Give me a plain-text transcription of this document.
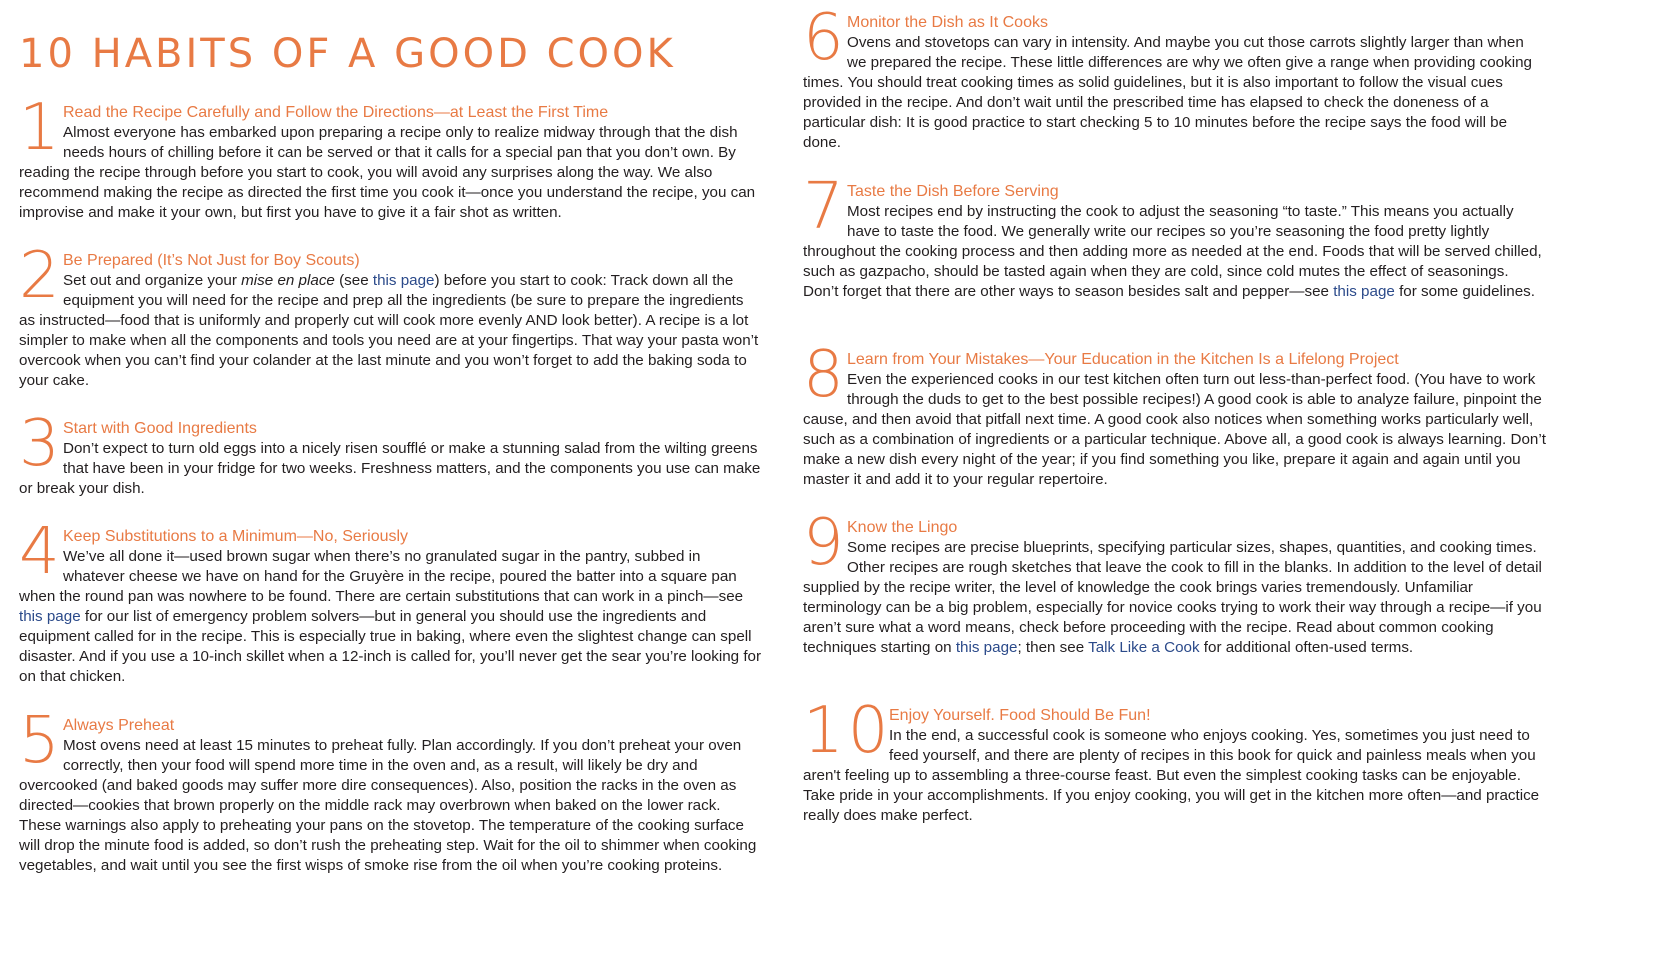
10 HABITS OF A GOOD COOK
1 Read the Recipe Carefully and Follow the Directions—at Least the First Time

Almost everyone has embarked upon preparing a recipe only to realize midway through that the dish needs hours of chilling before it can be served or that it calls for a special pan that you don’t own. By reading the recipe through before you start to cook, you will avoid any surprises along the way. We also recommend making the recipe as directed the first time you cook it—once you understand the recipe, you can improvise and make it your own, but first you have to give it a fair shot as written.

2 Be Prepared (It’s Not Just for Boy Scouts)

Set out and organize your mise en place (see this page) before you start to cook: Track down all the equipment you will need for the recipe and prep all the ingredients (be sure to prepare the ingredients as instructed—food that is uniformly and properly cut will cook more evenly AND look better). A recipe is a lot simpler to make when all the components and tools you need are at your fingertips. That way your pasta won’t overcook when you can’t find your colander at the last minute and you won’t forget to add the baking soda to your cake.

3 Start with Good Ingredients

Don’t expect to turn old eggs into a nicely risen soufflé or make a stunning salad from the wilting greens that have been in your fridge for two weeks. Freshness matters, and the components you use can make or break your dish.

4 Keep Substitutions to a Minimum—No, Seriously

We’ve all done it—used brown sugar when there’s no granulated sugar in the pantry, subbed in whatever cheese we have on hand for the Gruyère in the recipe, poured the batter into a square pan when the round pan was nowhere to be found. There are certain substitutions that can work in a pinch—see this page for our list of emergency problem solvers—but in general you should use the ingredients and equipment called for in the recipe. This is especially true in baking, where even the slightest change can spell disaster. And if you use a 10-inch skillet when a 12-inch is called for, you’ll never get the sear you’re looking for on that chicken.

5 Always Preheat

Most ovens need at least 15 minutes to preheat fully. Plan accordingly. If you don’t preheat your oven correctly, then your food will spend more time in the oven and, as a result, will likely be dry and overcooked (and baked goods may suffer more dire consequences). Also, position the racks in the oven as directed—cookies that brown properly on the middle rack may overbrown when baked on the lower rack. These warnings also apply to preheating your pans on the stovetop. The temperature of the cooking surface will drop the minute food is added, so don’t rush the preheating step. Wait for the oil to shimmer when cooking vegetables, and wait until you see the first wisps of smoke rise from the oil when you’re cooking proteins.

6 Monitor the Dish as It Cooks

Ovens and stovetops can vary in intensity. And maybe you cut those carrots slightly larger than when we prepared the recipe. These little differences are why we often give a range when providing cooking times. You should treat cooking times as solid guidelines, but it is also important to follow the visual cues provided in the recipe. And don’t wait until the prescribed time has elapsed to check the doneness of a particular dish: It is good practice to start checking 5 to 10 minutes before the recipe says the food will be done.

7 Taste the Dish Before Serving

Most recipes end by instructing the cook to adjust the seasoning “to taste.” This means you actually have to taste the food. We generally write our recipes so you’re seasoning the food pretty lightly throughout the cooking process and then adding more as needed at the end. Foods that will be served chilled, such as gazpacho, should be tasted again when they are cold, since cold mutes the effect of seasonings. Don’t forget that there are other ways to season besides salt and pepper—see this page for some guidelines.

8 Learn from Your Mistakes—Your Education in the Kitchen Is a Lifelong Project

Even the experienced cooks in our test kitchen often turn out less-than-perfect food. (You have to work through the duds to get to the best possible recipes!) A good cook is able to analyze failure, pinpoint the cause, and then avoid that pitfall next time. A good cook also notices when something works particularly well, such as a combination of ingredients or a particular technique. Above all, a good cook is always learning. Don’t make a new dish every night of the year; if you find something you like, prepare it again and again until you master it and add it to your regular repertoire.

9 Know the Lingo

Some recipes are precise blueprints, specifying particular sizes, shapes, quantities, and cooking times. Other recipes are rough sketches that leave the cook to fill in the blanks. In addition to the level of detail supplied by the recipe writer, the level of knowledge the cook brings varies tremendously. Unfamiliar terminology can be a big problem, especially for novice cooks trying to work their way through a recipe—if you aren’t sure what a word means, check before proceeding with the recipe. Read about common cooking techniques starting on this page; then see Talk Like a Cook for additional often-used terms.

10
Enjoy Yourself. Food Should Be Fun!

In the end, a successful cook is someone who enjoys cooking. Yes, sometimes you just need to feed yourself, and there are plenty of recipes in this book for quick and painless meals when you aren't feeling up to assembling a three-course feast. But even the simplest cooking tasks can be enjoyable. Take pride in your accomplishments. If you enjoy cooking, you will get in the kitchen more often—and practice really does make perfect.
